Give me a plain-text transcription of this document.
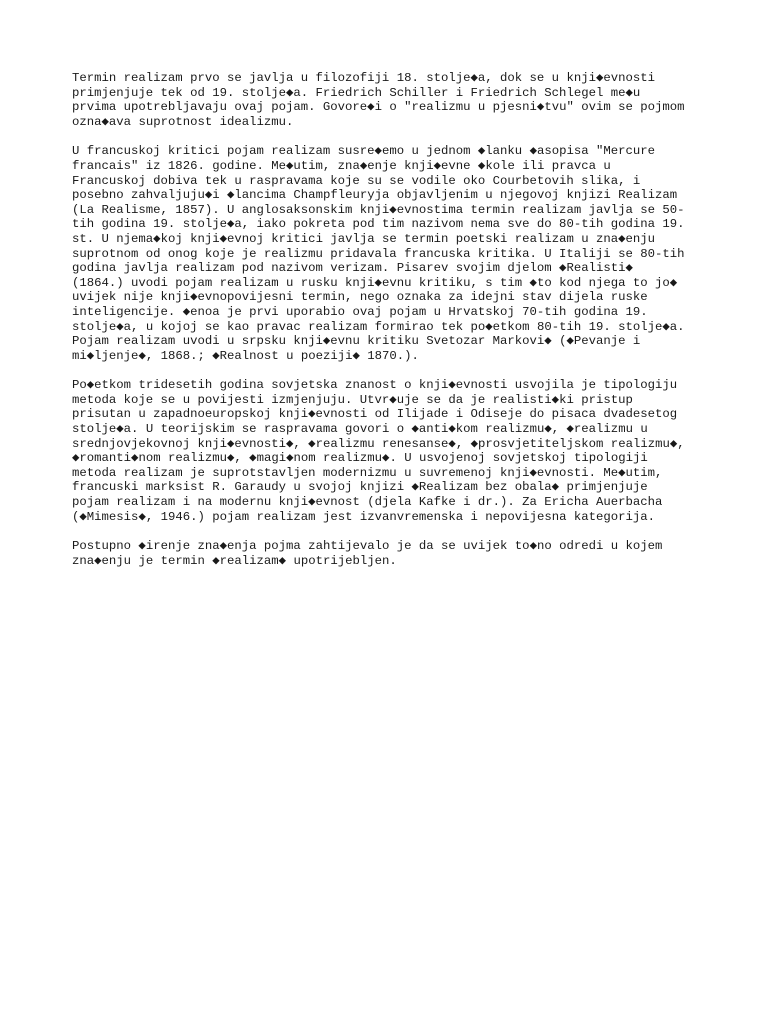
Termin realizam prvo se javlja u filozofiji 18. stolje◆a, dok se u knji◆evnosti
primjenjuje tek od 19. stolje◆a. Friedrich Schiller i Friedrich Schlegel me◆u
prvima upotrebljavaju ovaj pojam. Govore◆i o "realizmu u pjesni◆tvu" ovim se pojmom
ozna◆ava suprotnost idealizmu.

U francuskoj kritici pojam realizam susre◆emo u jednom ◆lanku ◆asopisa "Mercure
francais" iz 1826. godine. Me◆utim, zna◆enje knji◆evne ◆kole ili pravca u
Francuskoj dobiva tek u raspravama koje su se vodile oko Courbetovih slika, i
posebno zahvaljuju◆i ◆lancima Champfleuryja objavljenim u njegovoj knjizi Realizam
(La Realisme, 1857). U anglosaksonskim knji◆evnostima termin realizam javlja se 50-
tih godina 19. stolje◆a, iako pokreta pod tim nazivom nema sve do 80-tih godina 19.
st. U njema◆koj knji◆evnoj kritici javlja se termin poetski realizam u zna◆enju
suprotnom od onog koje je realizmu pridavala francuska kritika. U Italiji se 80-tih
godina javlja realizam pod nazivom verizam. Pisarev svojim djelom ◆Realisti◆
(1864.) uvodi pojam realizam u rusku knji◆evnu kritiku, s tim ◆to kod njega to jo◆
uvijek nije knji◆evnopovijesni termin, nego oznaka za idejni stav dijela ruske
inteligencije. ◆enoa je prvi uporabio ovaj pojam u Hrvatskoj 70-tih godina 19.
stolje◆a, u kojoj se kao pravac realizam formirao tek po◆etkom 80-tih 19. stolje◆a.
Pojam realizam uvodi u srpsku knji◆evnu kritiku Svetozar Markovi◆ (◆Pevanje i
mi◆ljenje◆, 1868.; ◆Realnost u poeziji◆ 1870.).

Po◆etkom tridesetih godina sovjetska znanost o knji◆evnosti usvojila je tipologiju
metoda koje se u povijesti izmjenjuju. Utvr◆uje se da je realisti◆ki pristup
prisutan u zapadnoeuropskoj knji◆evnosti od Ilijade i Odiseje do pisaca dvadesetog
stolje◆a. U teorijskim se raspravama govori o ◆anti◆kom realizmu◆, ◆realizmu u
srednjovjekovnoj knji◆evnosti◆, ◆realizmu renesanse◆, ◆prosvjetiteljskom realizmu◆,
◆romanti◆nom realizmu◆, ◆magi◆nom realizmu◆. U usvojenoj sovjetskoj tipologiji
metoda realizam je suprotstavljen modernizmu u suvremenoj knji◆evnosti. Me◆utim,
francuski marksist R. Garaudy u svojoj knjizi ◆Realizam bez obala◆ primjenjuje
pojam realizam i na modernu knji◆evnost (djela Kafke i dr.). Za Ericha Auerbacha
(◆Mimesis◆, 1946.) pojam realizam jest izvanvremenska i nepovijesna kategorija.

Postupno ◆irenje zna◆enja pojma zahtijevalo je da se uvijek to◆no odredi u kojem
zna◆enju je termin ◆realizam◆ upotrijebljen.
